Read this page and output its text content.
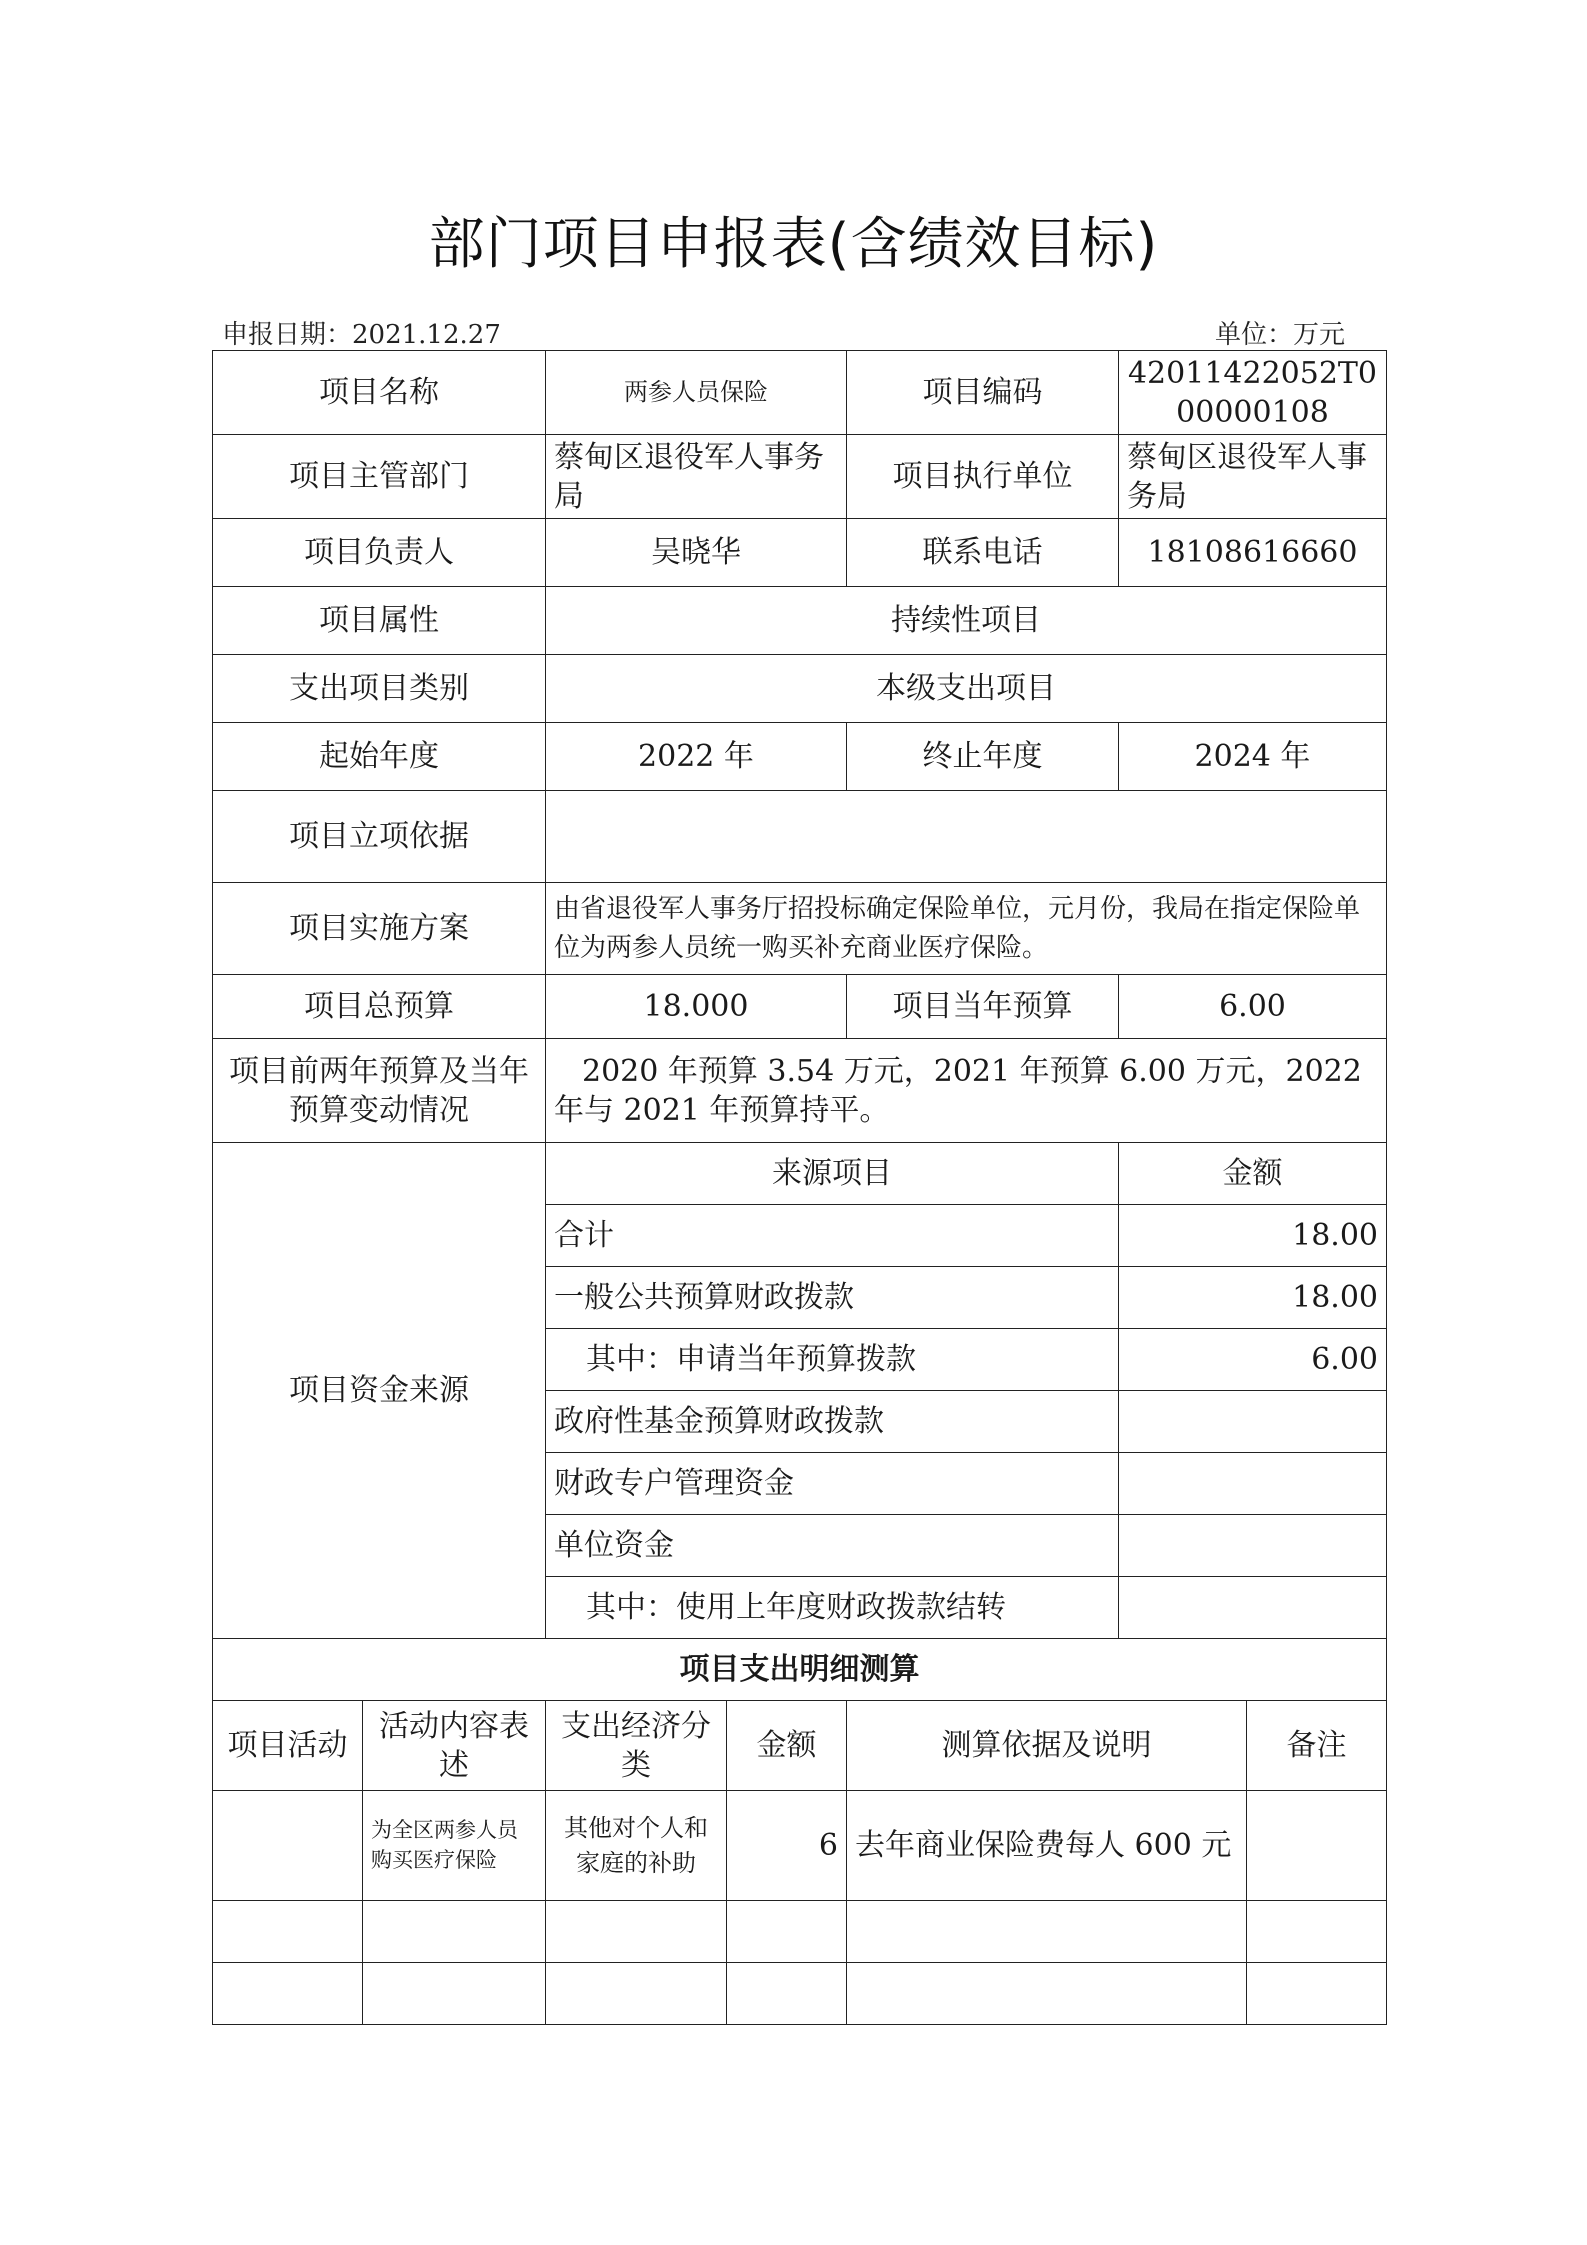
部门项目申报表(含绩效目标)
申报日期：2021.12.27	单位：万元
项目名称		两参人员保险		项目编码	42011422052T000000108	
项目主管部门		蔡甸区退役军人事务局		项目执行单位	蔡甸区退役军人事务局	
项目负责人		吴晓华		联系电话	18108616660	
项目属性		持续性项目				
支出项目类别		本级支出项目				
起始年度		2022 年		终止年度	2024 年	
项目立项依据						
项目实施方案		由省退役军人事务厅招投标确定保险单位，元月份，我局在指定保险单位为两参人员统一购买补充商业医疗保险。				
项目总预算		18.000		项目当年预算	6.00	
项目前两年预算及当年预算变动情况		2020 年预算 3.54 万元，2021 年预算 6.00 万元，2022 年与 2021 年预算持平。				
项目资金来源		来源项目			金额	
		合计			18.00	
		一般公共预算财政拨款			18.00	
		其中：申请当年预算拨款			6.00	
		政府性基金预算财政拨款				
		财政专户管理资金				
		单位资金				
		其中：使用上年度财政拨款结转				
项目支出明细测算						
项目活动	活动内容表述	支出经济分类	金额	测算依据及说明		备注
	为全区两参人员购买医疗保险	其他对个人和家庭的补助	6	去年商业保险费每人 600 元		
